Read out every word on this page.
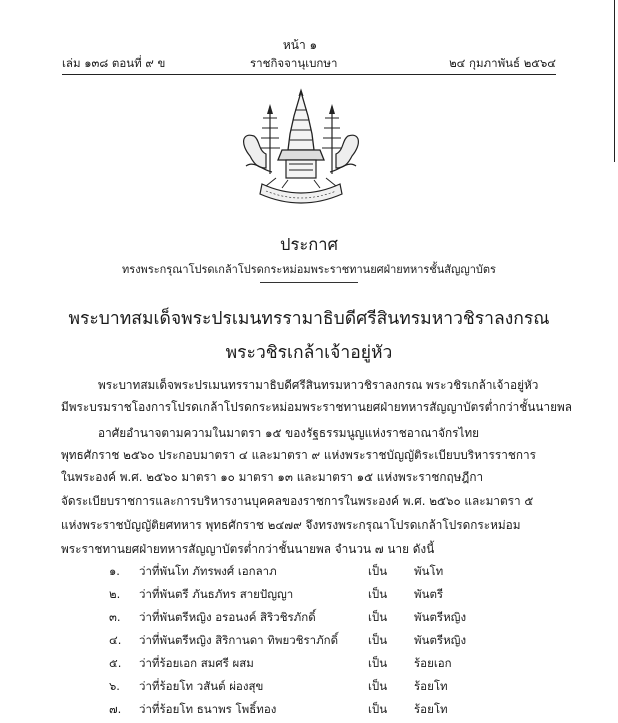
หน้า ๑
เล่ม ๑๓๘ ตอนที่ ๙ ข	ราชกิจจานุเบกษา	๒๔ กุมภาพันธ์ ๒๕๖๔
ประกาศ
ทรงพระกรุณาโปรดเกล้าโปรดกระหม่อมพระราชทานยศฝ่ายทหารชั้นสัญญาบัตร
พระบาทสมเด็จพระปรเมนทรรามาธิบดีศรีสินทรมหาวชิราลงกรณ
พระวชิรเกล้าเจ้าอยู่หัว
พระบาทสมเด็จพระปรเมนทรรามาธิบดีศรีสินทรมหาวชิราลงกรณ พระวชิรเกล้าเจ้าอยู่หัว
มีพระบรมราชโองการโปรดเกล้าโปรดกระหม่อมพระราชทานยศฝ่ายทหารสัญญาบัตรต่ำกว่าชั้นนายพล
อาศัยอำนาจตามความในมาตรา ๑๕ ของรัฐธรรมนูญแห่งราชอาณาจักรไทย
พุทธศักราช ๒๕๖๐ ประกอบมาตรา ๔ และมาตรา ๙ แห่งพระราชบัญญัติระเบียบบริหารราชการ
ในพระองค์ พ.ศ. ๒๕๖๐ มาตรา ๑๐ มาตรา ๑๓ และมาตรา ๑๕ แห่งพระราชกฤษฎีกา
จัดระเบียบราชการและการบริหารงานบุคคลของราชการในพระองค์ พ.ศ. ๒๕๖๐ และมาตรา ๕
แห่งพระราชบัญญัติยศทหาร พุทธศักราช ๒๔๗๙ จึงทรงพระกรุณาโปรดเกล้าโปรดกระหม่อม
พระราชทานยศฝ่ายทหารสัญญาบัตรต่ำกว่าชั้นนายพล จำนวน ๗ นาย ดังนี้
๑. ว่าที่พันโท ภัทรพงศ์ เอกลาภ	เป็น พันโท
๒. ว่าที่พันตรี ภันธภัทร สายปัญญา	เป็น พันตรี
๓. ว่าที่พันตรีหญิง อรอนงค์ สิริวชิรภักดิ์	เป็น พันตรีหญิง
๔. ว่าที่พันตรีหญิง สิริกานดา ทิพยวชิราภักดิ์	เป็น พันตรีหญิง
๕. ว่าที่ร้อยเอก สมศรี ผสม	เป็น ร้อยเอก
๖. ว่าที่ร้อยโท วสันต์ ผ่องสุข	เป็น ร้อยโท
๗. ว่าที่ร้อยโท ธนาพร โพธิ์ทอง	เป็น ร้อยโท
